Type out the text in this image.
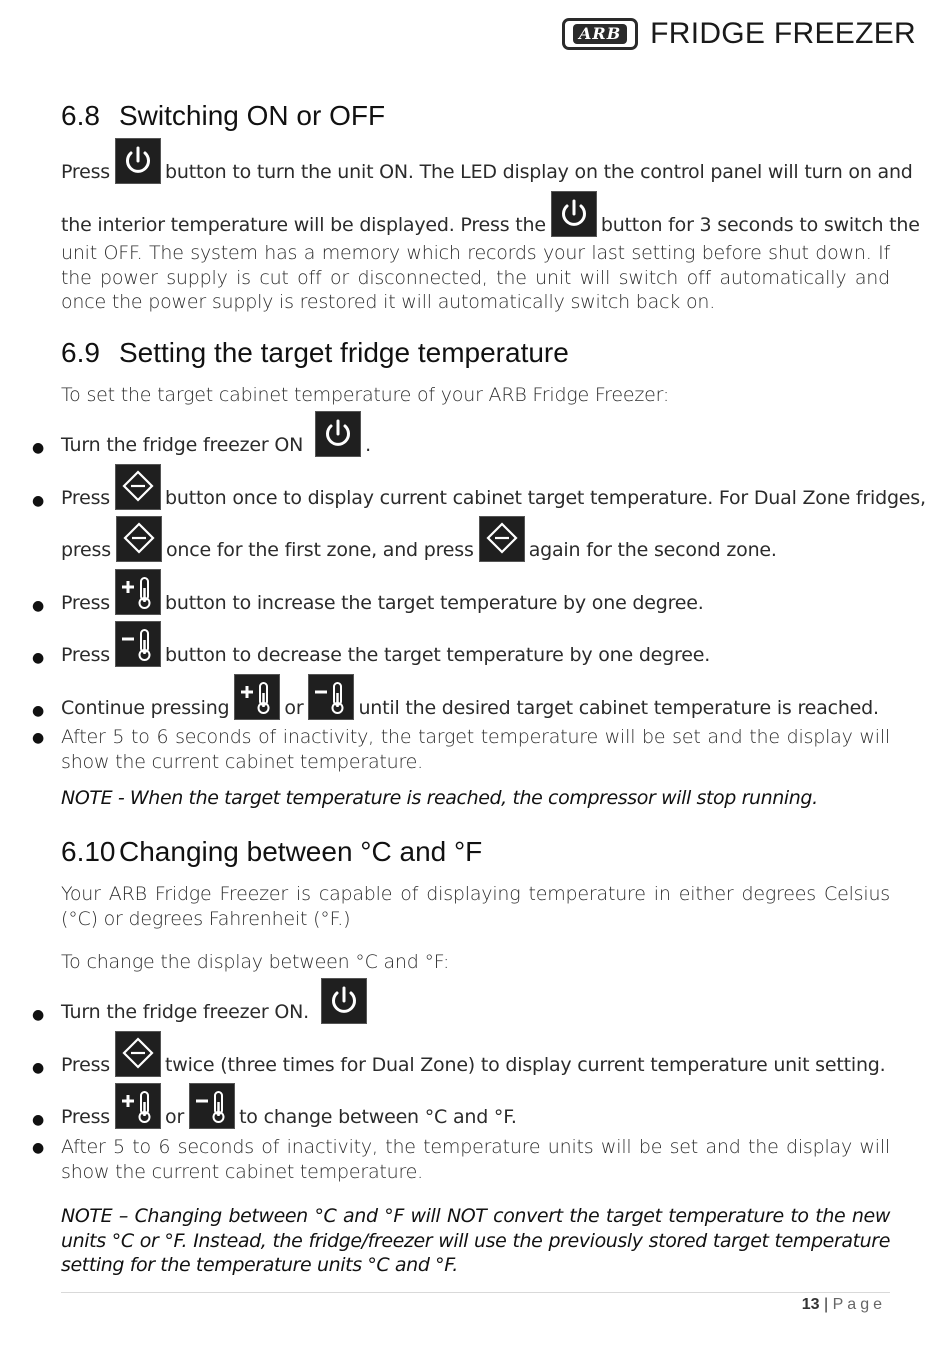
ARB FRIDGE FREEZER
6.8 Switching ON or OFF
Press	button to turn the unit ON. The LED display on the control panel will turn on and
the interior temperature will be displayed. Press the	button for 3 seconds to switch the

unit OFF. The system has a memory which records your last setting before shut down. If the power supply is cut off or disconnected, the unit will switch off automatically and once the power supply is restored it will automatically switch back on.

6.9 Setting the target fridge temperature

To set the target cabinet temperature of your ARB Fridge Freezer:

● Turn the fridge freezer ON	.
● Press	button once to display current cabinet target temperature. For Dual Zone fridges,
press	once for the first zone, and press	again for the second zone.
● Press	button to increase the target temperature by one degree.
● Press	button to decrease the target temperature by one degree.
● Continue pressing	or	until the desired target cabinet temperature is reached.
● After 5 to 6 seconds of inactivity, the target temperature will be set and the display will show the current cabinet temperature.

NOTE - When the target temperature is reached, the compressor will stop running.

6.10 Changing between °C and °F

Your ARB Fridge Freezer is capable of displaying temperature in either degrees Celsius (°C) or degrees Fahrenheit (°F.)

To change the display between °C and °F:

● Turn the fridge freezer ON.
● Press	twice (three times for Dual Zone) to display current temperature unit setting.
● Press	or	to change between °C and °F.
● After 5 to 6 seconds of inactivity, the temperature units will be set and the display will show the current cabinet temperature.

NOTE – Changing between °C and °F will NOT convert the target temperature to the new units °C or °F. Instead, the fridge/freezer will use the previously stored target temperature setting for the temperature units °C and °F.

13 | Page
